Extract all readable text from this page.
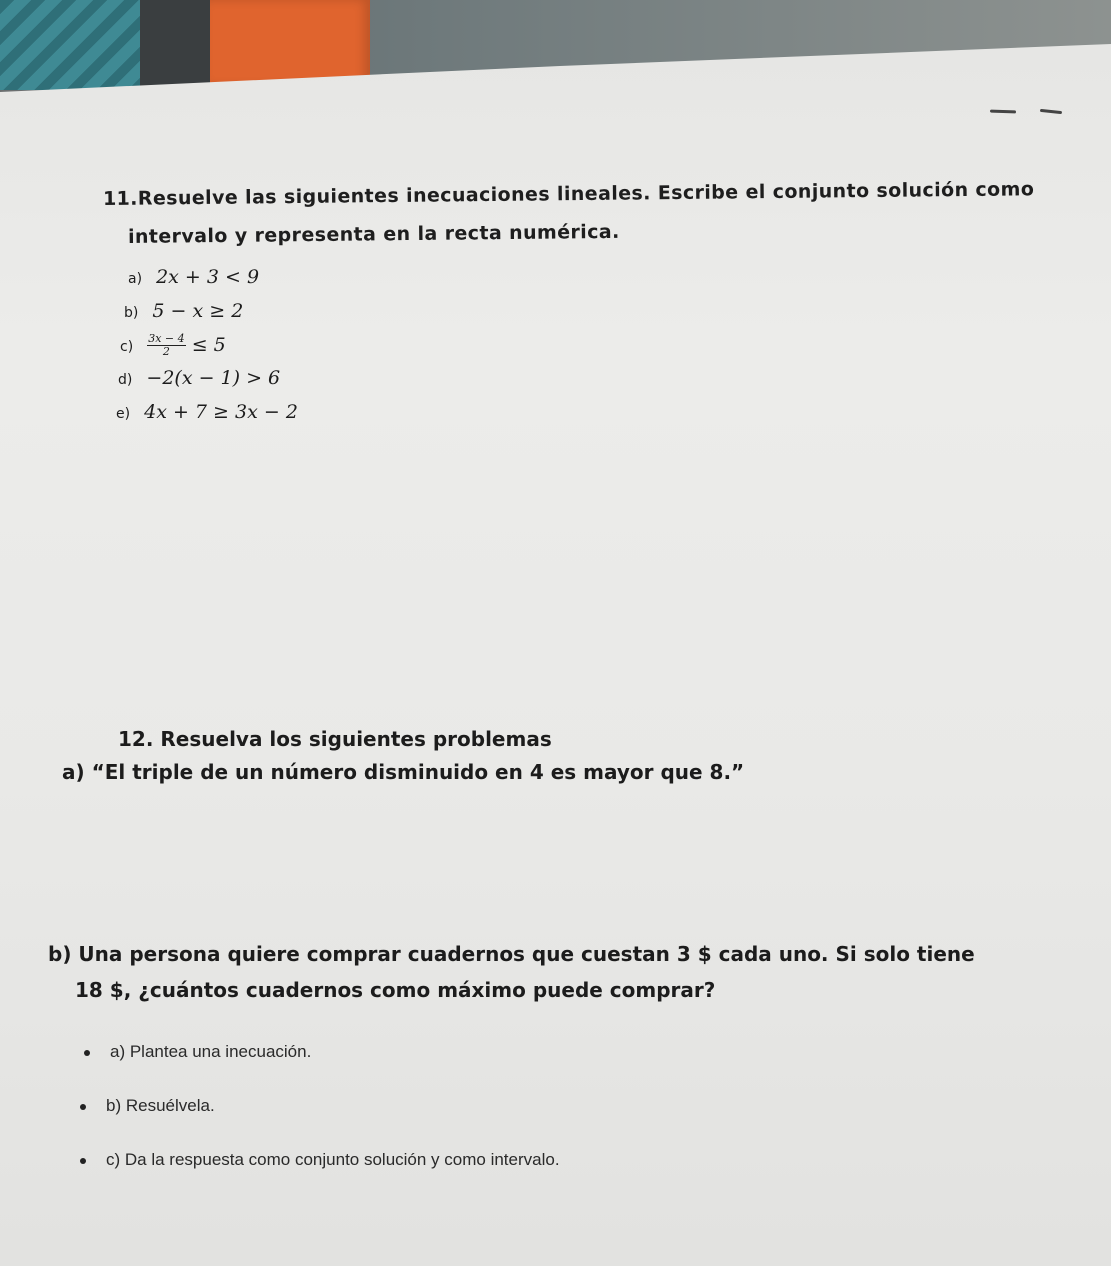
11.Resuelve las siguientes inecuaciones lineales. Escribe el conjunto solución como
intervalo y representa en la recta numérica.
a) 2x + 3 < 9
b) 5 − x ≥ 2
$c) \frac{3x - 4}{2} \le 5$
d) −2(x − 1) > 6
e) 4x + 7 ≥ 3x − 2
12. Resuelva los siguientes problemas
a) “El triple de un número disminuido en 4 es mayor que 8.”
b) Una persona quiere comprar cuadernos que cuestan 3 $ cada uno. Si solo tiene
18 $, ¿cuántos cuadernos como máximo puede comprar?
a) Plantea una inecuación.
b) Resuélvela.
c) Da la respuesta como conjunto solución y como intervalo.
